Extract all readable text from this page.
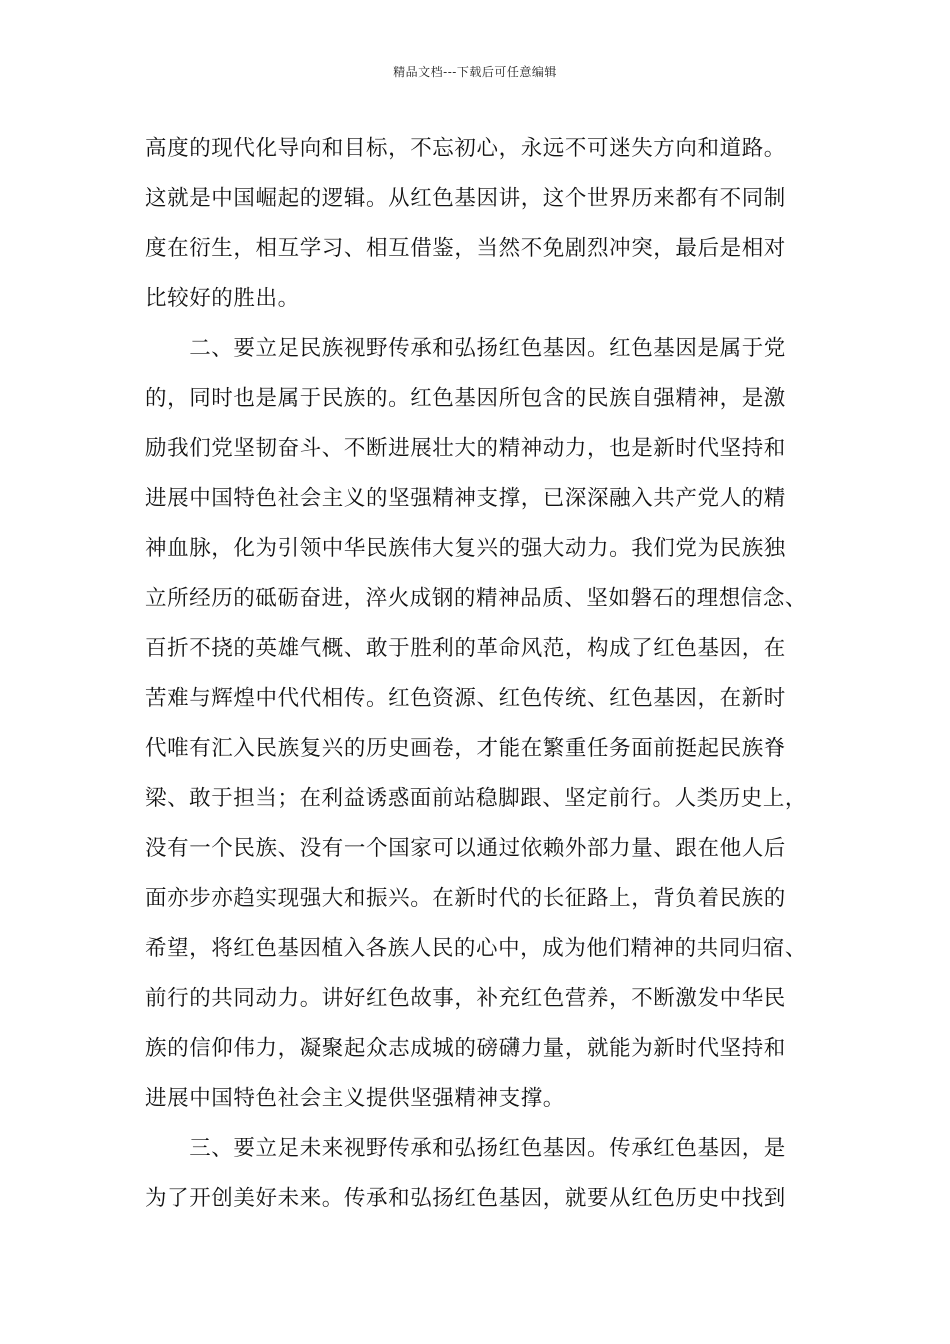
精品文档---下载后可任意编辑
高度的现代化导向和目标，不忘初心，永远不可迷失方向和道路。
这就是中国崛起的逻辑。从红色基因讲，这个世界历来都有不同制
度在衍生，相互学习、相互借鉴，当然不免剧烈冲突，最后是相对
比较好的胜出。
　　二、要立足民族视野传承和弘扬红色基因。红色基因是属于党
的，同时也是属于民族的。红色基因所包含的民族自强精神，是激
励我们党坚韧奋斗、不断进展壮大的精神动力，也是新时代坚持和
进展中国特色社会主义的坚强精神支撑，已深深融入共产党人的精
神血脉，化为引领中华民族伟大复兴的强大动力。我们党为民族独
立所经历的砥砺奋进，淬火成钢的精神品质、坚如磐石的理想信念、
百折不挠的英雄气概、敢于胜利的革命风范，构成了红色基因，在
苦难与辉煌中代代相传。红色资源、红色传统、红色基因，在新时
代唯有汇入民族复兴的历史画卷，才能在繁重任务面前挺起民族脊
梁、敢于担当；在利益诱惑面前站稳脚跟、坚定前行。人类历史上，
没有一个民族、没有一个国家可以通过依赖外部力量、跟在他人后
面亦步亦趋实现强大和振兴。在新时代的长征路上，背负着民族的
希望，将红色基因植入各族人民的心中，成为他们精神的共同归宿、
前行的共同动力。讲好红色故事，补充红色营养，不断激发中华民
族的信仰伟力，凝聚起众志成城的磅礴力量，就能为新时代坚持和
进展中国特色社会主义提供坚强精神支撑。
　　三、要立足未来视野传承和弘扬红色基因。传承红色基因，是
为了开创美好未来。传承和弘扬红色基因，就要从红色历史中找到
